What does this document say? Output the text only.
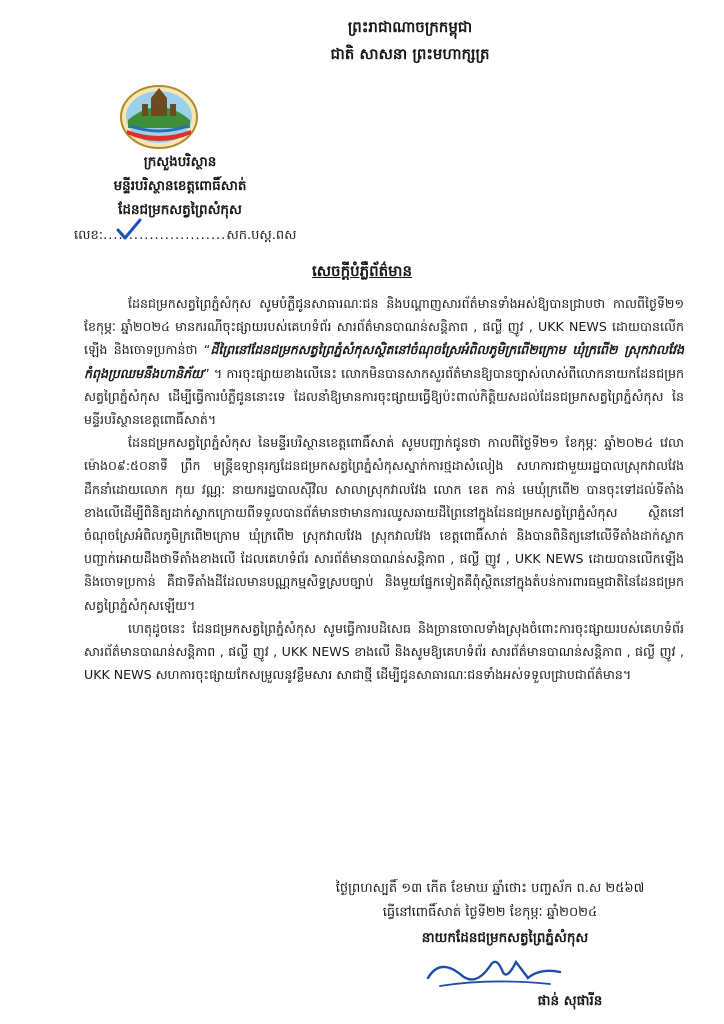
ព្រះរាជាណាចក្រកម្ពុជា
ជាតិ សាសនា ព្រះមហាក្សត្រ
ក្រសួងបរិស្ថាន
មន្ទីរបរិស្ថានខេត្តពោធិ៍សាត់
ដែនជម្រកសត្វព្រៃសំកុស
លេខ:........................សក.បស្ត.ពស
សេចក្ដីបំភ្លឺព័ត៌មាន

ដែនជម្រកសត្វព្រៃភ្នំសំកុស សូមបំភ្លឺជូនសាធារណៈជន និងបណ្ដាញសារព័ត៌មានទាំងអស់ឱ្យបានជ្រាបថា កាលពីថ្ងៃទី២១ ខែកុម្ភៈ ឆ្នាំ២០២៤ មានករណីចុះផ្សាយរបស់គេហទំព័រ សារព័ត៌មានបាណន់សន្តិភាព , ផល្លី ញូវ , UKK NEWS ដោយបានលើកឡើង និងចោទប្រកាន់ថា “ដីព្រៃនៅដែនជម្រកសត្វព្រៃភ្នំសំកុសស្ថិតនៅចំណុចស្រែអំពិលភូមិក្រពើ២ក្រោម ឃុំក្រពើ២ ស្រុកវាលវែង កំពុងប្រឈមនឹងហានិភ័យ” ។ ការចុះផ្សាយខាងលើនេះ លោកមិនបានសាកសួរព័ត៌មានឱ្យបានច្បាស់លាស់ពីលោកនាយកដែនជម្រកសត្វព្រៃភ្នំសំកុស ដើម្បីធ្វើការបំភ្លឺជូននោះទេ ដែលនាំឱ្យមានការចុះផ្សាយធ្វើឱ្យប៉ះពាល់កិត្តិយសដល់ដែនជម្រកសត្វព្រៃភ្នំសំកុស នៃមន្ទីរបរិស្ថានខេត្តពោធិ៍សាត់។

ដែនជម្រកសត្វព្រៃភ្នំសំកុស នៃមន្ទីរបរិស្ថានខេត្តពោធិ៍សាត់ សូមបញ្ជាក់ជូនថា កាលពីថ្ងៃទី២១ ខែកុម្ភៈ ឆ្នាំ២០២៤ វេលាម៉ោង០៩:៥០នាទី ព្រឹក មន្ត្រីឧទ្យានុរក្សដែនជម្រកសត្វព្រៃភ្នំសំកុសស្នាក់ការថ្មដាសំលៀង សហការជាមួយរដ្ឋបាលស្រុកវាលវែងដឹកនាំដោយលោក កុយ វណ្ណៈ នាយករដ្ឋបាលស៊ីវិល សាលាស្រុកវាលវែង លោក ខេត កាន់ មេឃុំក្រពើ២ បានចុះទៅដល់ទីតាំងខាងលើដើម្បីពិនិត្យដាក់ស្លាកក្រោយពីទទួលបានព័ត៌មានថាមានការឈូសឆាយដីព្រៃនៅក្នុងដែនជម្រកសត្វព្រៃភ្នំសំកុស ស្ថិតនៅចំណុចស្រែអំពិលភូមិក្រពើ២ក្រោម ឃុំក្រពើ២ ស្រុកវាលវែង ស្រុកវាលវែង ខេត្តពោធិ៍សាត់ និងបានពិនិត្យនៅលើទីតាំងដាក់ស្លាកបញ្ជាក់អោយដឹងថាទីតាំងខាងលើ ដែលគេហទំព័រ សារព័ត៌មានបាណន់សន្តិភាព , ផល្លី ញូវ , UKK NEWS ដោយបានលើកឡើង និងចោទប្រកាន់ គឺជាទីតាំងដីដែលមានបណ្ណកម្មសិទ្ធស្របច្បាប់ និងមួយផ្នែកទៀតគឺពុំស្ថិតនៅក្នុងតំបន់ការពារធម្មជាតិនៃដែនជម្រកសត្វព្រៃភ្នំសំកុសឡើយ។

ហេតុដូចនេះ ដែនជម្រកសត្វព្រៃភ្នំសំកុស សូមធ្វើការបដិសេធ និងច្រានចោលទាំងស្រុងចំពោះការចុះផ្សាយរបស់គេហទំព័រ សារព័ត៌មានបាណន់សន្តិភាព , ផល្លី ញូវ , UKK NEWS ខាងលើ និងសូមឱ្យគេហទំព័រ សារព័ត៌មានបាណន់សន្តិភាព , ផល្លី ញូវ , UKK NEWS សហការចុះផ្សាយកែសម្រួលនូវខ្លឹមសារ សាជាថ្មី ដើម្បីជូនសាធារណៈជនទាំងអស់ទទួលជ្រាបជាព័ត៌មាន។

ថ្ងៃព្រហស្បតិ៍ ១៣ កើត ខែមាឃ ឆ្នាំថោះ បញ្ចស័ក ព.ស ២៥៦៧
ធ្វើនៅពោធិ៍សាត់ ថ្ងៃទី២២ ខែកុម្ភៈ ឆ្នាំ២០២៤
នាយកដែនជម្រកសត្វព្រៃភ្នំសំកុស
ផាន់ សុផារីន
